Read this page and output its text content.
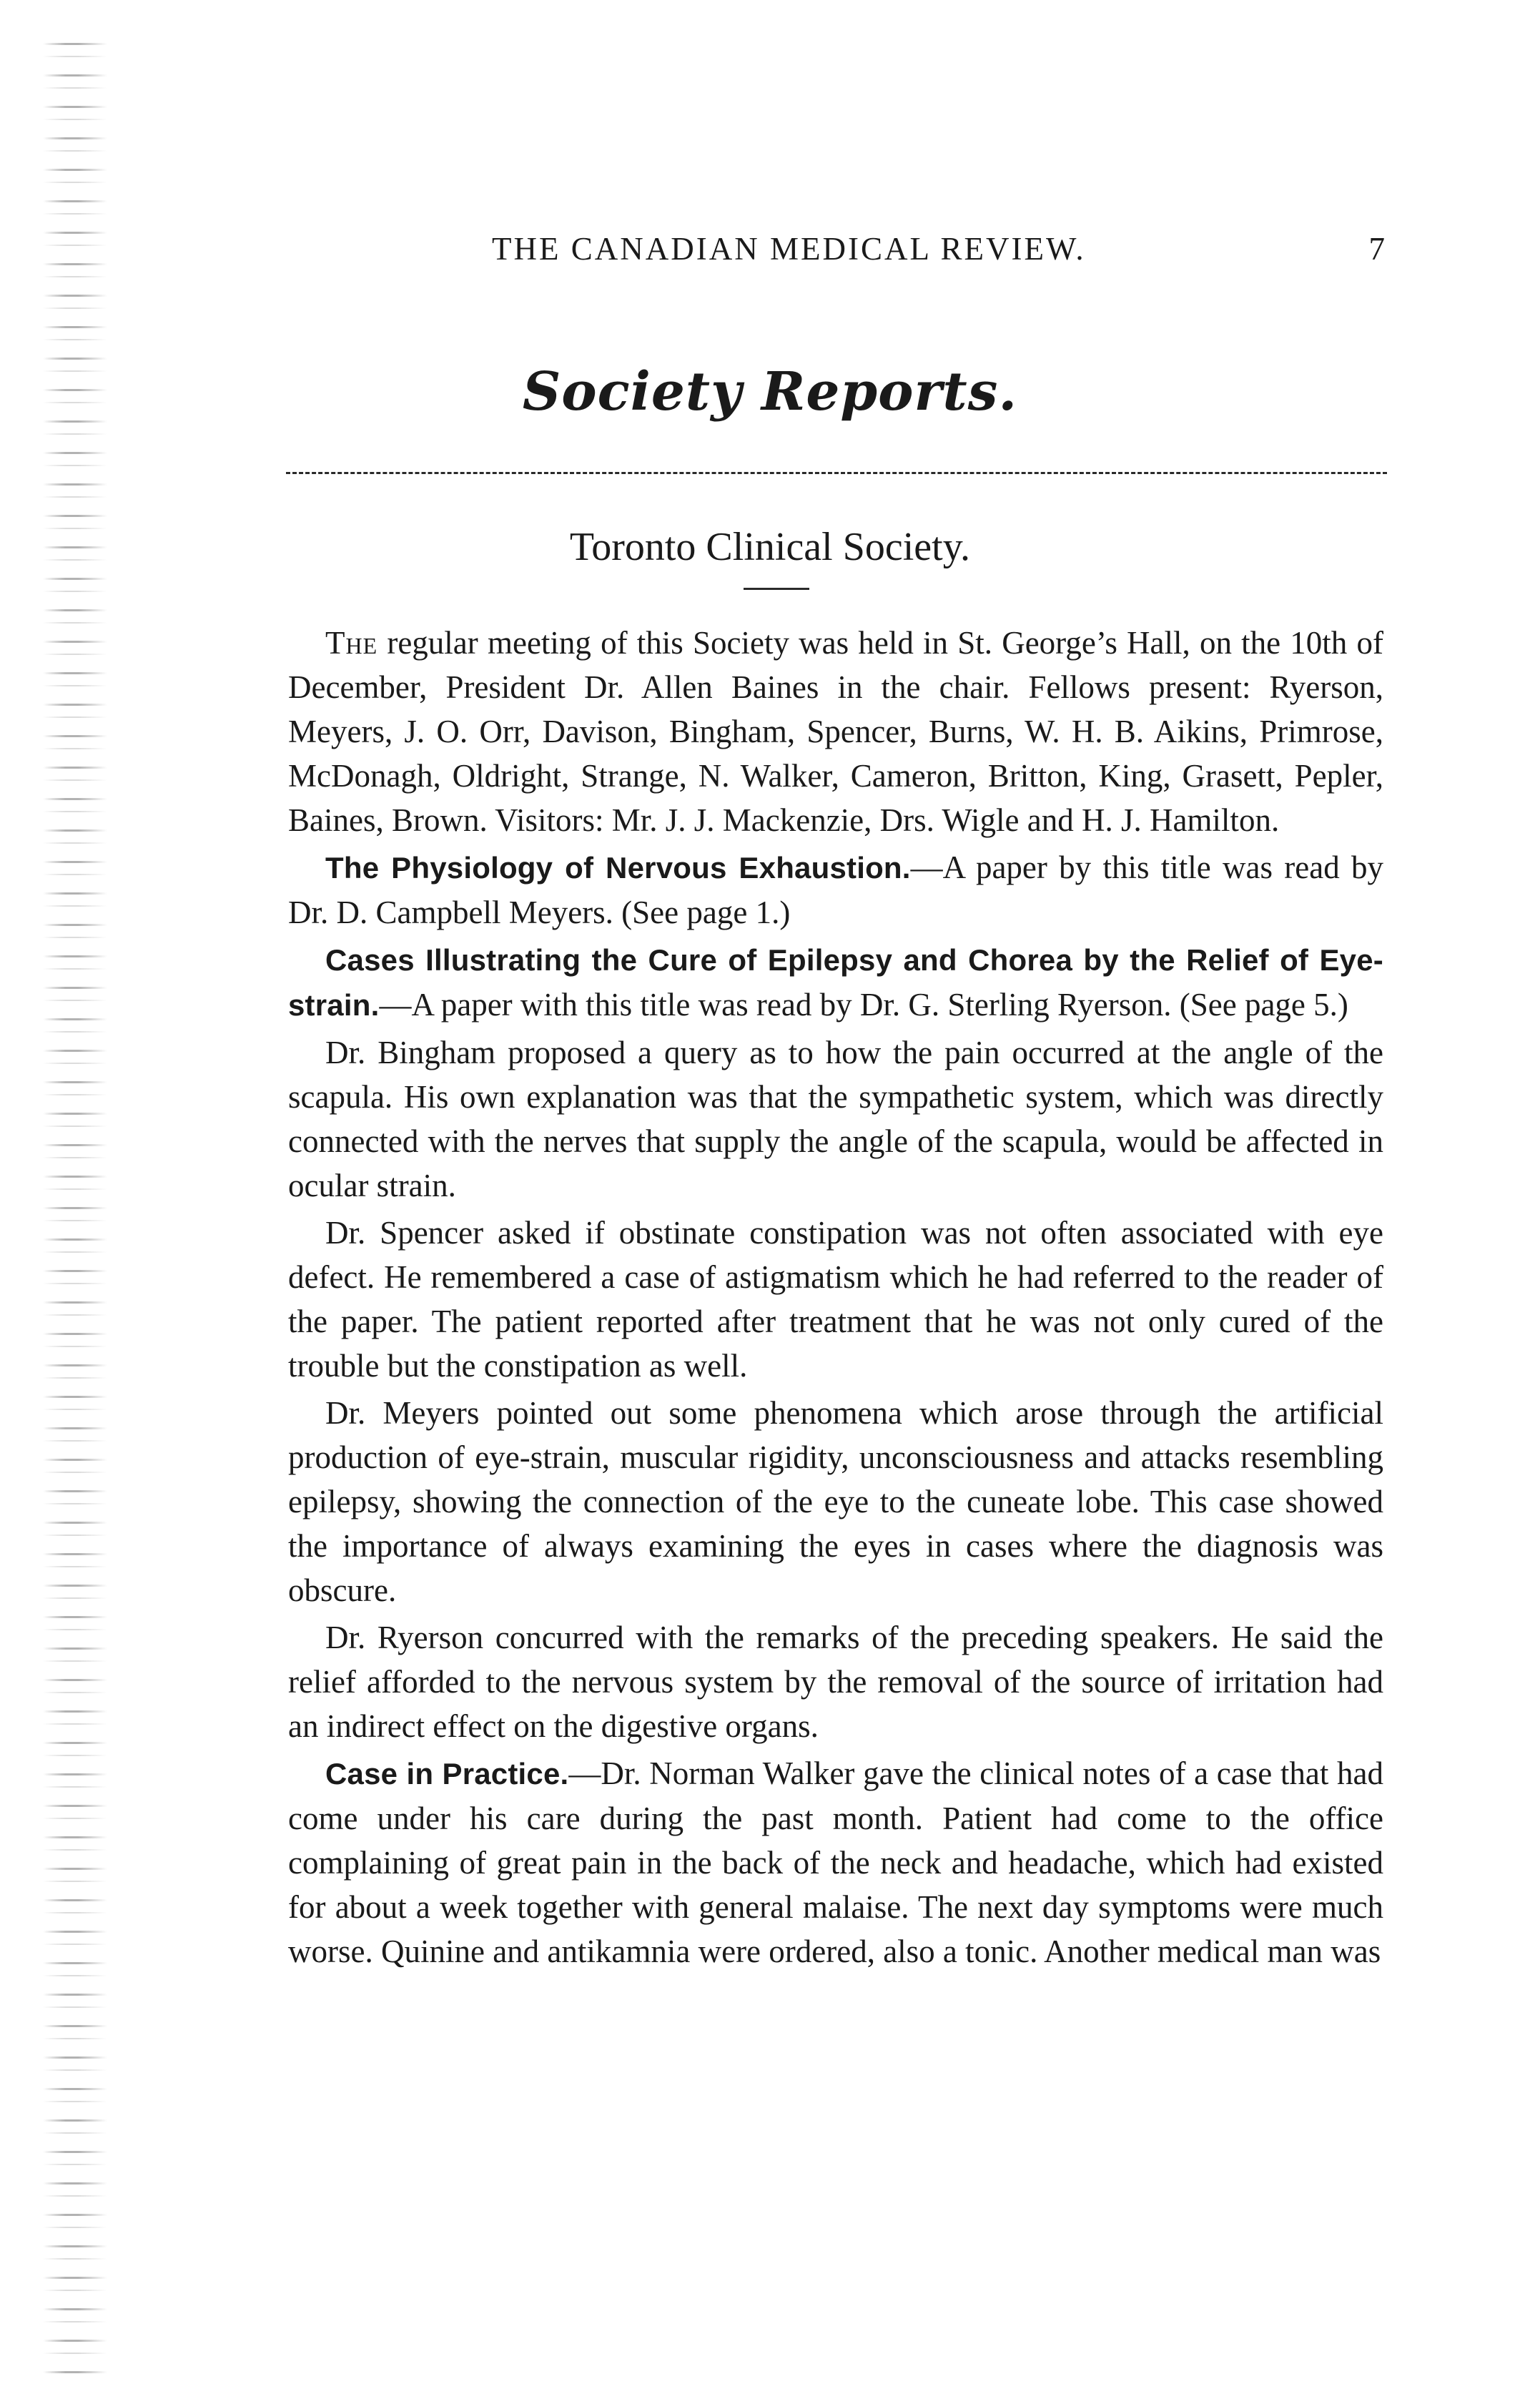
THE CANADIAN MEDICAL REVIEW.	7
Society Reports.
Toronto Clinical Society.

The regular meeting of this Society was held in St. George’s Hall, on the 10th of December, President Dr. Allen Baines in the chair. Fellows present: Ryerson, Meyers, J. O. Orr, Davison, Bingham, Spencer, Burns, W. H. B. Aikins, Primrose, McDonagh, Oldright, Strange, N. Walker, Cameron, Britton, King, Grasett, Pepler, Baines, Brown. Visitors: Mr. J. J. Mackenzie, Drs. Wigle and H. J. Hamilton.

The Physiology of Nervous Exhaustion.—A paper by this title was read by Dr. D. Campbell Meyers. (See page 1.)

Cases Illustrating the Cure of Epilepsy and Chorea by the Relief of Eye-strain.—A paper with this title was read by Dr. G. Sterling Ryerson. (See page 5.)

Dr. Bingham proposed a query as to how the pain occurred at the angle of the scapula. His own explanation was that the sympathetic system, which was directly connected with the nerves that supply the angle of the scapula, would be affected in ocular strain.

Dr. Spencer asked if obstinate constipation was not often associated with eye defect. He remembered a case of astigmatism which he had referred to the reader of the paper. The patient reported after treatment that he was not only cured of the trouble but the constipation as well.

Dr. Meyers pointed out some phenomena which arose through the artificial production of eye-strain, muscular rigidity, unconsciousness and attacks resembling epilepsy, showing the connection of the eye to the cuneate lobe. This case showed the importance of always examining the eyes in cases where the diagnosis was obscure.

Dr. Ryerson concurred with the remarks of the preceding speakers. He said the relief afforded to the nervous system by the removal of the source of irritation had an indirect effect on the digestive organs.

Case in Practice.—Dr. Norman Walker gave the clinical notes of a case that had come under his care during the past month. Patient had come to the office complaining of great pain in the back of the neck and headache, which had existed for about a week together with general malaise. The next day symptoms were much worse. Quinine and antikamnia were ordered, also a tonic. Another medical man was
